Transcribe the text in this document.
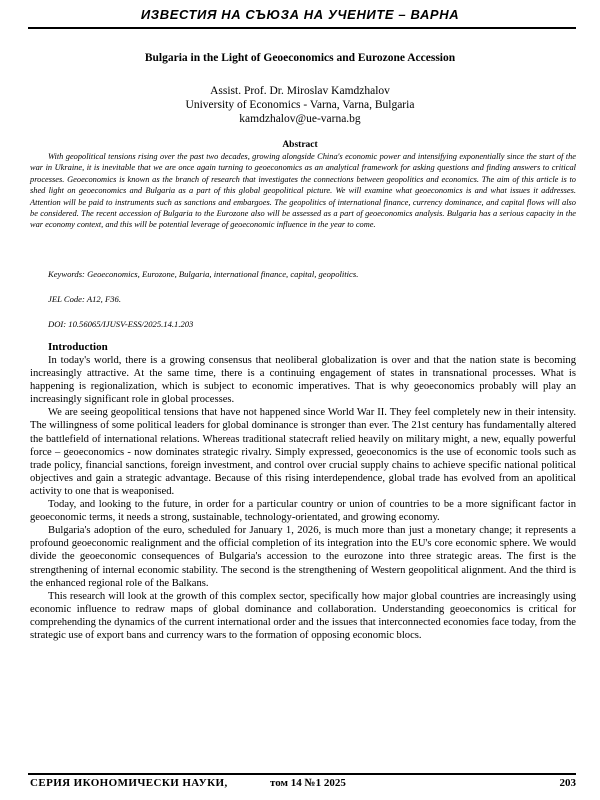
ИЗВЕСТИЯ НА СЪЮЗА НА УЧЕНИТЕ – ВАРНА
Bulgaria in the Light of Geoeconomics and Eurozone Accession
Assist. Prof. Dr. Miroslav Kamdzhalov
University of Economics - Varna, Varna, Bulgaria
kamdzhalov@ue-varna.bg
Abstract

With geopolitical tensions rising over the past two decades, growing alongside China's economic power and intensifying exponentially since the start of the war in Ukraine, it is inevitable that we are once again turning to geoeconomics as an analytical framework for asking questions and finding answers to critical processes. Geoeconomics is known as the branch of research that investigates the connections between geopolitics and economics. The aim of this article is to shed light on geoeconomics and Bulgaria as a part of this global geopolitical picture. We will examine what geoeconomics is and what issues it addresses. Attention will be paid to instruments such as sanctions and embargoes. The geopolitics of international finance, currency dominance, and capital flows will also be considered. The recent accession of Bulgaria to the Eurozone also will be assessed as a part of geoeconomics analysis. Bulgaria has a serious capacity in the war economy context, and this will be potential leverage of geoeconomic influence in the year to come.

Keywords: Geoeconomics, Eurozone, Bulgaria, international finance, capital, geopolitics.
JEL Code: A12, F36.
DOI: 10.56065/IJUSV-ESS/2025.14.1.203
Introduction

In today's world, there is a growing consensus that neoliberal globalization is over and that the nation state is becoming increasingly attractive. At the same time, there is a continuing engagement of states in transnational processes. What is happening is regionalization, which is subject to economic imperatives. That is why geoeconomics probably will play an increasingly significant role in global processes.

We are seeing geopolitical tensions that have not happened since World War II. They feel completely new in their intensity. The willingness of some political leaders for global dominance is stronger than ever. The 21st century has fundamentally altered the battlefield of international relations. Whereas traditional statecraft relied heavily on military might, a new, equally powerful force – geoeconomics - now dominates strategic rivalry. Simply expressed, geoeconomics is the use of economic tools such as trade policy, financial sanctions, foreign investment, and control over crucial supply chains to achieve specific national political objectives and gain a strategic advantage. Because of this rising interdependence, global trade has evolved from an apolitical activity to one that is weaponised.

Today, and looking to the future, in order for a particular country or union of countries to be a more significant factor in geoeconomic terms, it needs a strong, sustainable, technology-orientated, and growing economy.

Bulgaria's adoption of the euro, scheduled for January 1, 2026, is much more than just a monetary change; it represents a profound geoeconomic realignment and the official completion of its integration into the EU's core economic sphere. We would divide the geoeconomic consequences of Bulgaria's accession to the eurozone into three strategic areas. The first is the strengthening of internal economic stability. The second is the strengthening of Western geopolitical alignment. And the third is the enhanced regional role of the Balkans.

This research will look at the growth of this complex sector, specifically how major global countries are increasingly using economic influence to redraw maps of global dominance and collaboration. Understanding geoeconomics is critical for comprehending the dynamics of the current international order and the issues that interconnected economies face today, from the strategic use of export bans and currency wars to the formation of opposing economic blocs.

СЕРИЯ ИКОНОМИЧЕСКИ НАУКИ,	том 14 №1 2025	203
